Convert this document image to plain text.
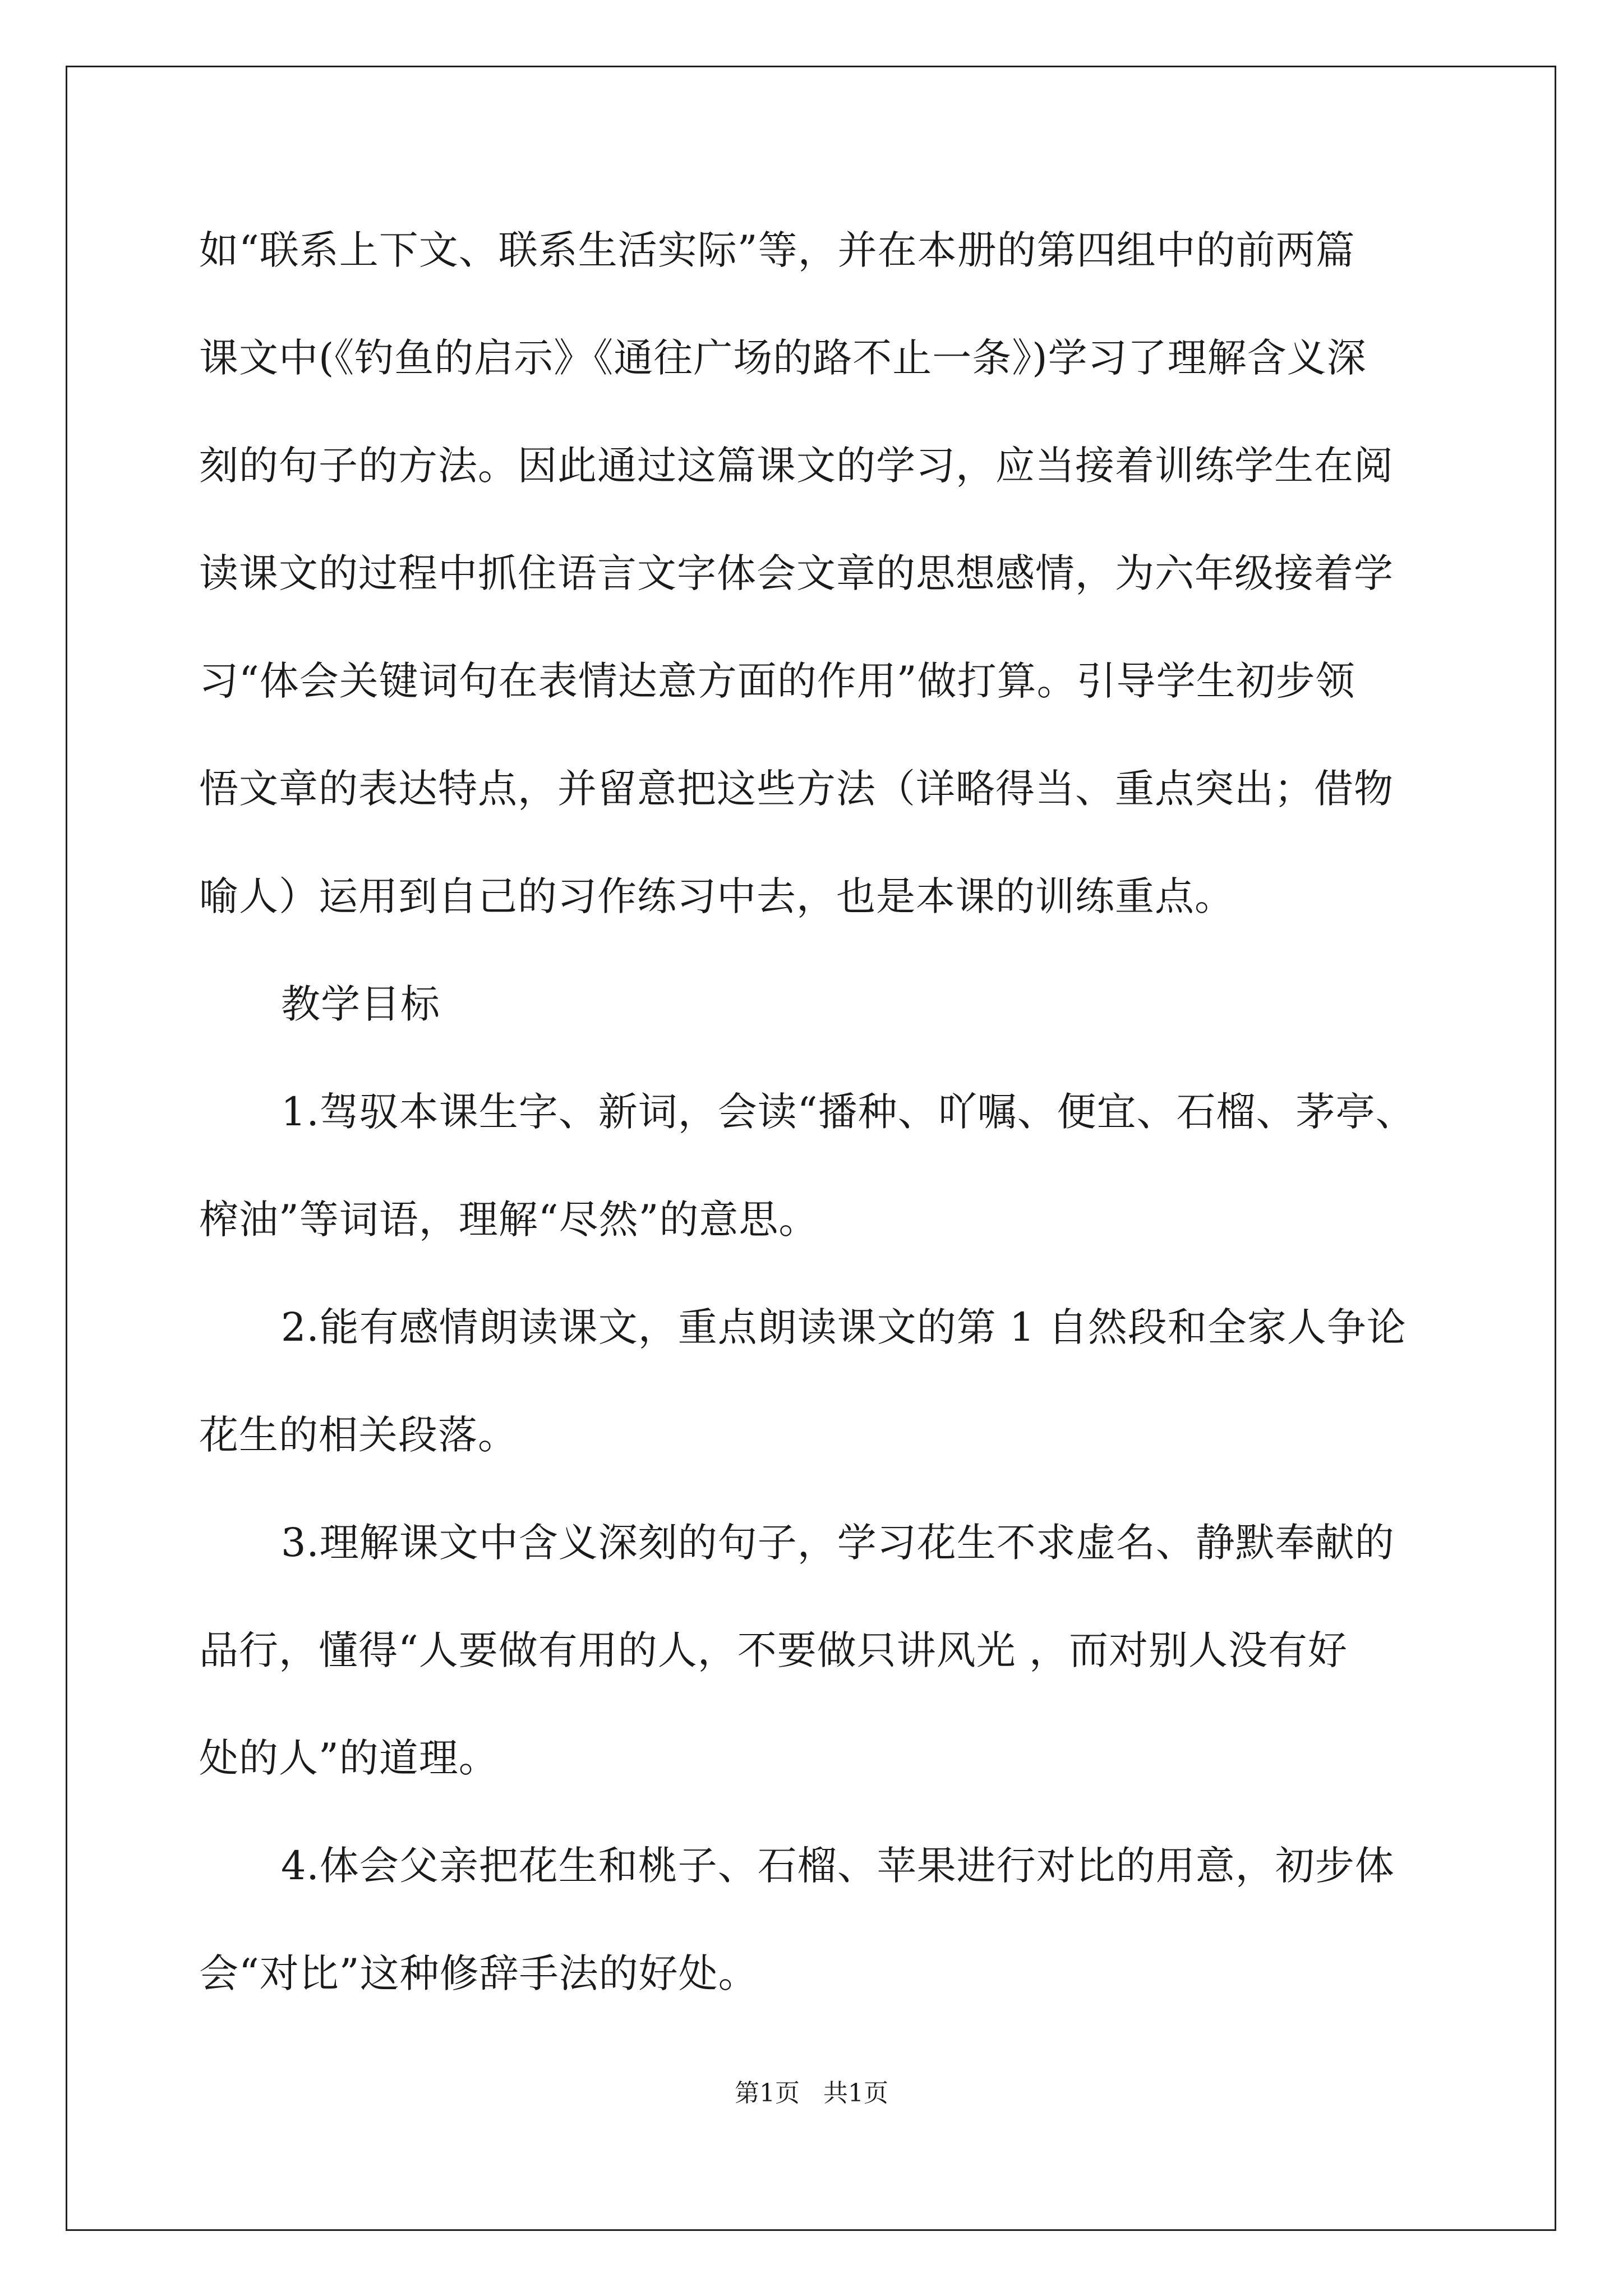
如“联系上下文、联系生活实际”等，并在本册的第四组中的前两篇
课文中(《钓鱼的启示》《通往广场的路不止一条》)学习了理解含义深
刻的句子的方法。因此通过这篇课文的学习，应当接着训练学生在阅
读课文的过程中抓住语言文字体会文章的思想感情，为六年级接着学
习“体会关键词句在表情达意方面的作用”做打算。引导学生初步领
悟文章的表达特点，并留意把这些方法（详略得当、重点突出；借物
喻人）运用到自己的习作练习中去，也是本课的训练重点。
教学目标
1.驾驭本课生字、新词，会读“播种、吖嘱、便宜、石榴、茅亭、
榨油”等词语，理解“尽然”的意思。
2.能有感情朗读课文，重点朗读课文的第 1 自然段和全家人争论
花生的相关段落。
3.理解课文中含义深刻的句子，学习花生不求虚名、静默奉献的
品行，懂得“人要做有用的人，不要做只讲风光 ，而对别人没有好
处的人”的道理。
4.体会父亲把花生和桃子、石榴、苹果进行对比的用意，初步体
会“对比”这种修辞手法的好处。
第1页   共1页
